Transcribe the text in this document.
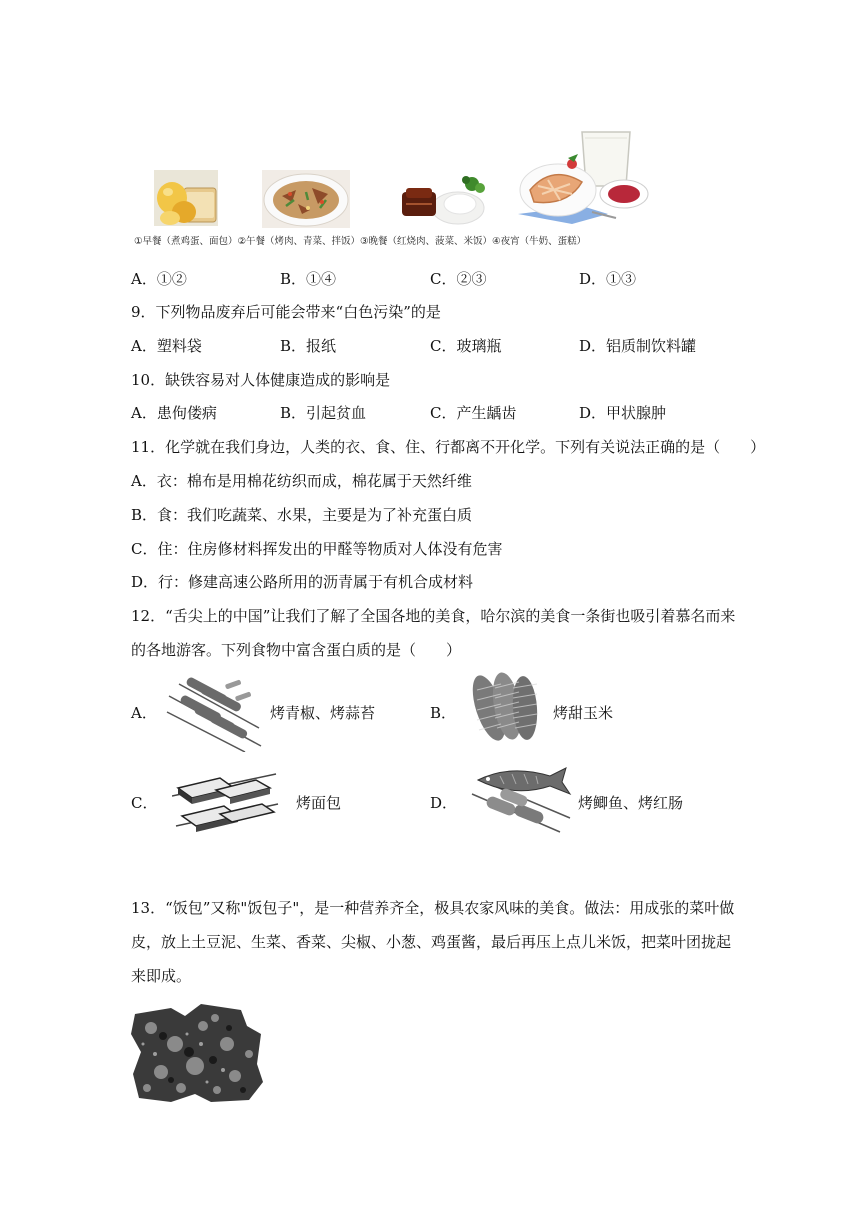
①早餐（煮鸡蛋、面包）②午餐（烤肉、青菜、拌饭）③晚餐（红烧肉、菠菜、米饭）④夜宵（牛奶、蛋糕）
A．①②	B．①④	C．②③	D．①③
9．下列物品废弃后可能会带来“白色污染”的是
A．塑料袋	B．报纸	C．玻璃瓶	D．铝质制饮料罐
10．缺铁容易对人体健康造成的影响是
A．患佝偻病	B．引起贫血	C．产生龋齿	D．甲状腺肿
11．化学就在我们身边，人类的衣、食、住、行都离不开化学。下列有关说法正确的是（　　）
A．衣：棉布是用棉花纺织而成，棉花属于天然纤维
B．食：我们吃蔬菜、水果，主要是为了补充蛋白质
C．住：住房修材料挥发出的甲醛等物质对人体没有危害
D．行：修建高速公路所用的沥青属于有机合成材料
12．“舌尖上的中国”让我们了解了全国各地的美食，哈尔滨的美食一条街也吸引着慕名而来
的各地游客。下列食物中富含蛋白质的是（　　）
A．	烤青椒、烤蒜苔	B．	烤甜玉米
C．	烤面包	D．	烤鲫鱼、烤红肠
13．“饭包”又称"饭包子"，是一种营养齐全，极具农家风味的美食。做法：用成张的菜叶做
皮，放上土豆泥、生菜、香菜、尖椒、小葱、鸡蛋酱，最后再压上点儿米饭，把菜叶团拢起
来即成。
